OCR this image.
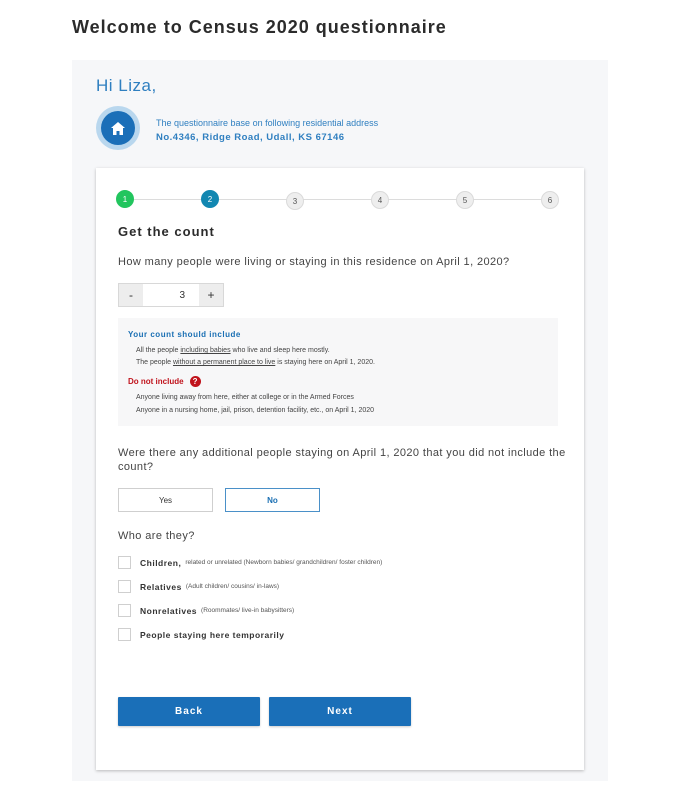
Welcome to Census 2020 questionnaire
Hi Liza,
The questionnaire base on following residential address
No.4346, Ridge Road, Udall, KS 67146
1	2	3	4	5	6
Get the count
How many people were living or staying in this residence on April 1, 2020?
-	3	+
Your count should include
All the people including babies who live and sleep here mostly.
The people without a permanent place to live is staying here on April 1, 2020.
Do not include	?
Anyone living away from here, either at college or in the Armed Forces
Anyone in a nursing home, jail, prison, detention facility, etc., on April 1, 2020
Were there any additional people staying on April 1, 2020 that you did not include the count?
Yes	No
Who are they?
Children, related or unrelated (Newborn babies/ grandchildren/ foster children)
Relatives (Adult children/ cousins/ in-laws)
Nonrelatives (Roommates/ live-in babysitters)
People staying here temporarily
Back	Next
